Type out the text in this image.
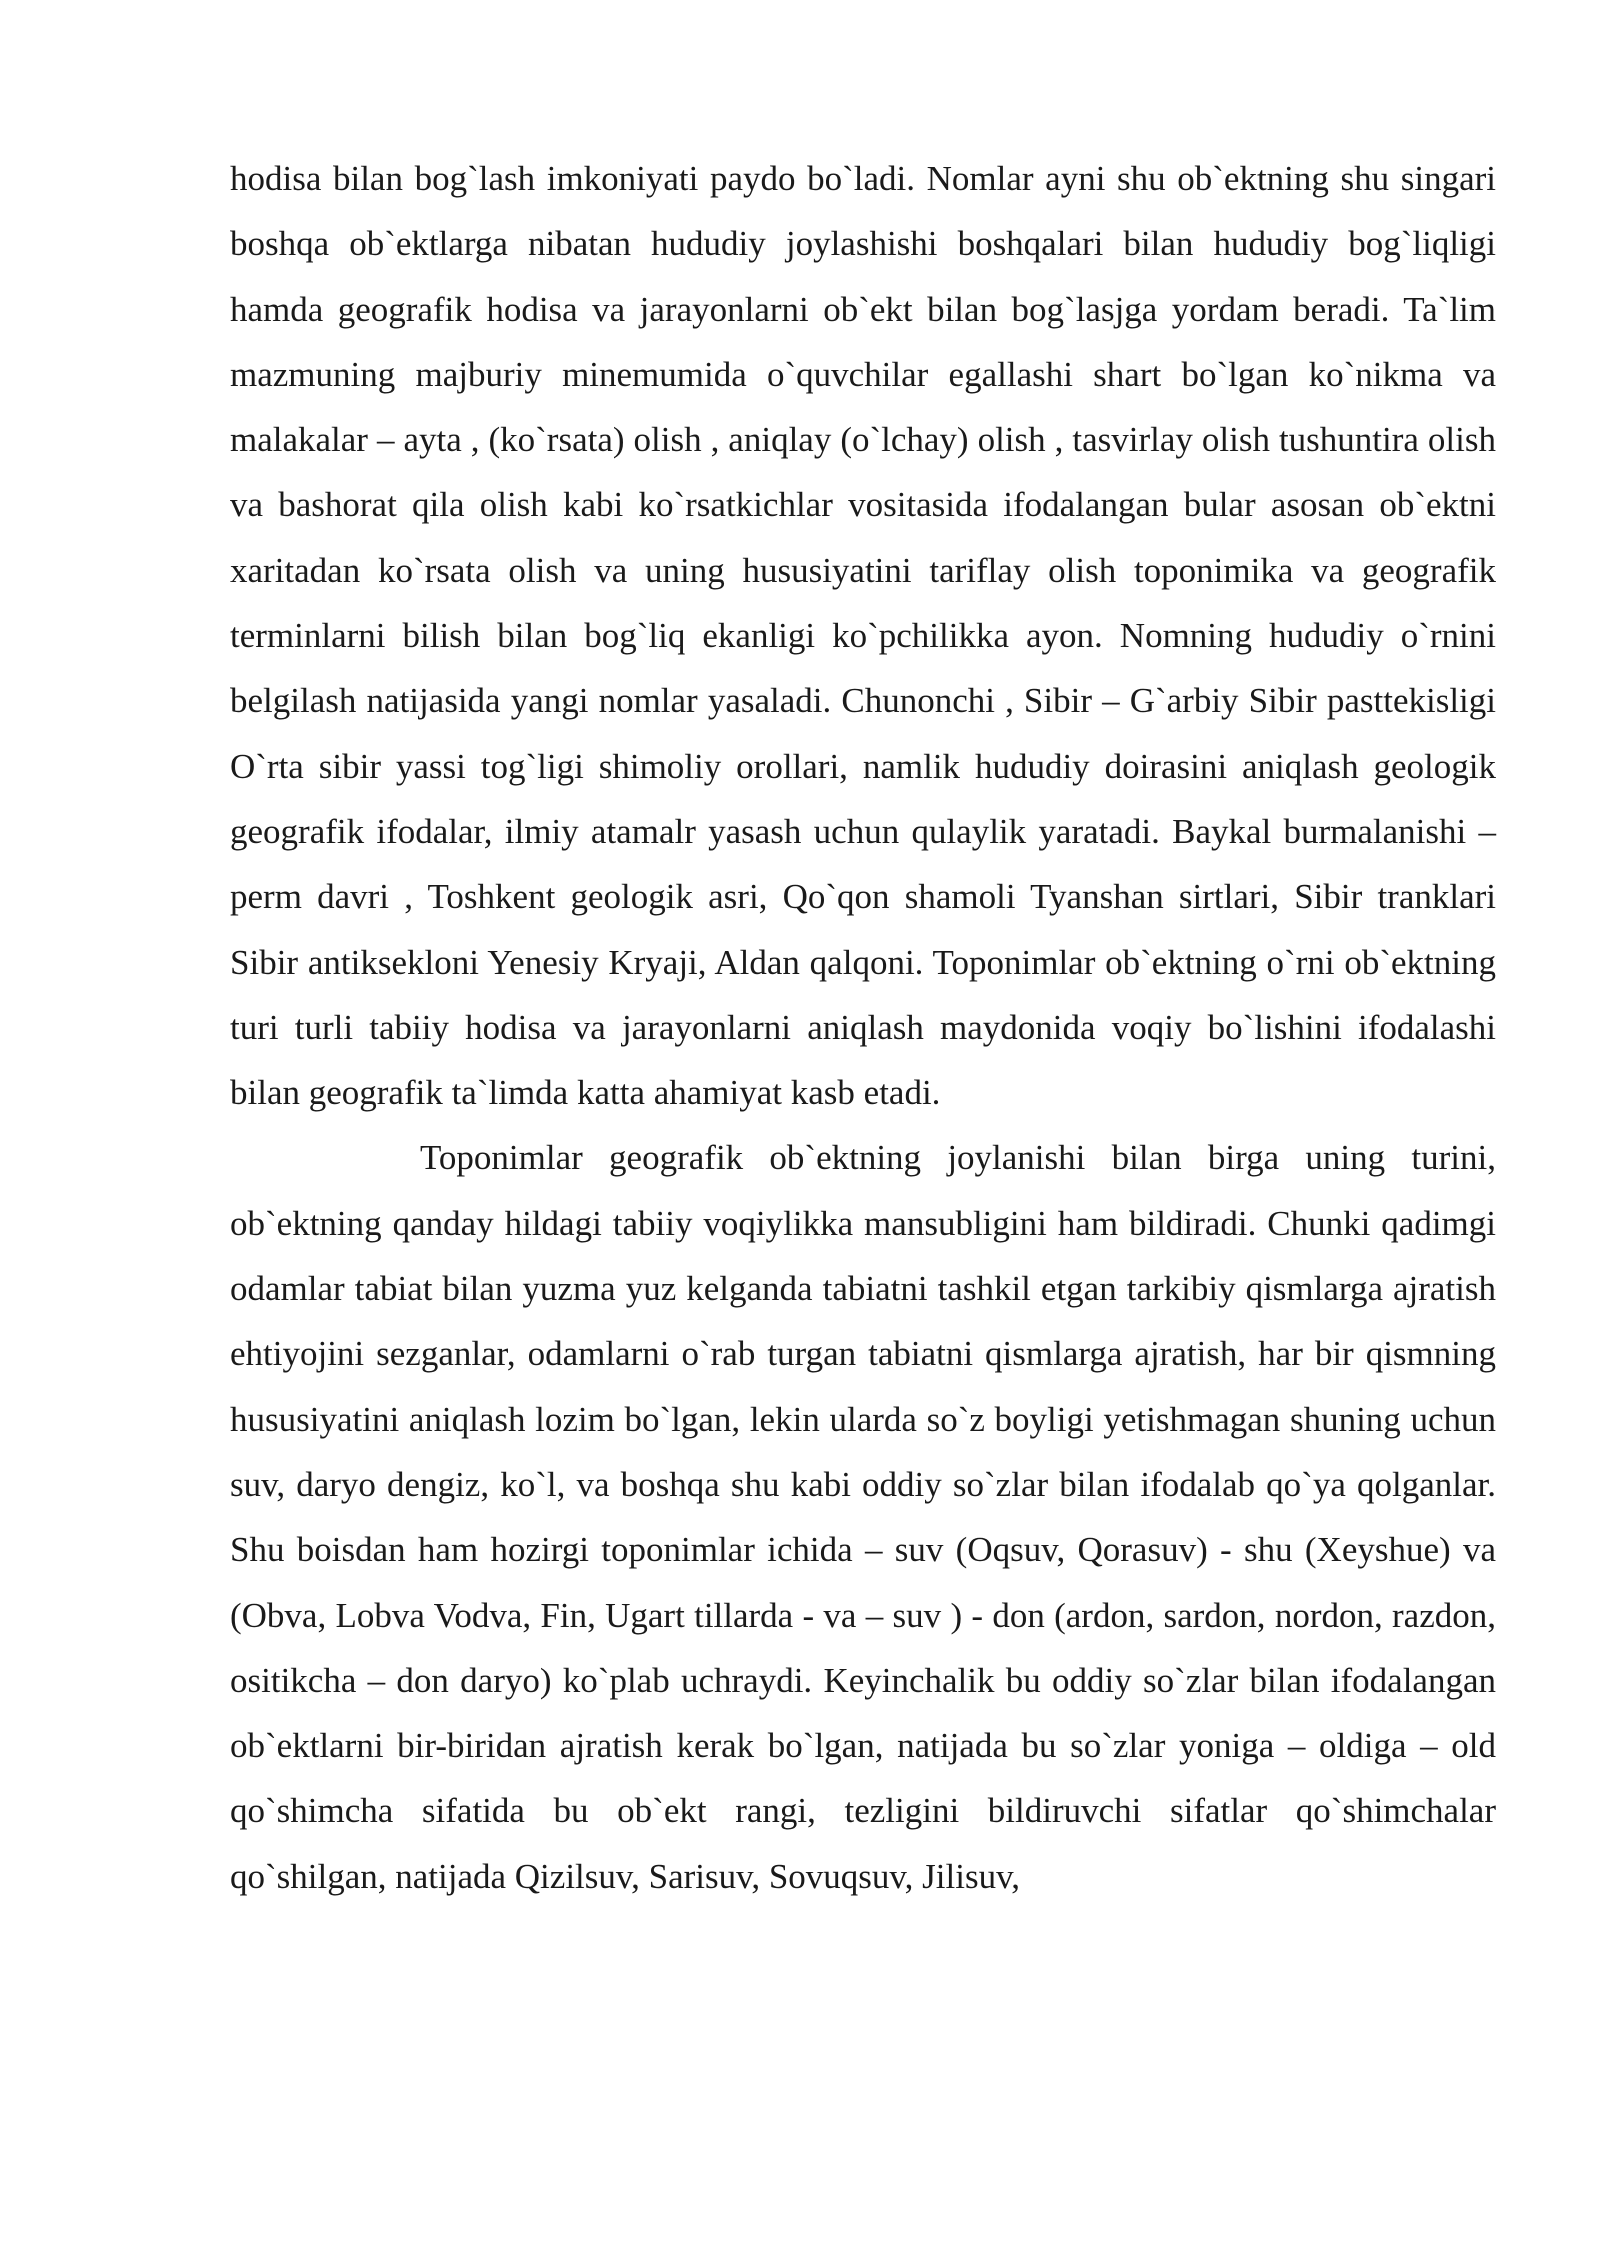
hodisa bilan bog`lash imkoniyati paydo bo`ladi. Nomlar ayni shu ob`ektning shu singari boshqa ob`ektlarga nibatan hududiy joylashishi boshqalari bilan hududiy bog`liqligi hamda geografik hodisa va jarayonlarni ob`ekt bilan bog`lasjga yordam beradi. Ta`lim mazmuning majburiy minemumida o`quvchilar egallashi shart bo`lgan ko`nikma va malakalar – ayta , (ko`rsata) olish , aniqlay (o`lchay) olish , tasvirlay olish tushuntira olish va bashorat qila olish kabi ko`rsatkichlar vositasida ifodalangan bular asosan ob`ektni xaritadan ko`rsata olish va uning hususiyatini tariflay olish toponimika va geografik terminlarni bilish bilan bog`liq ekanligi ko`pchilikka ayon. Nomning hududiy o`rnini belgilash natijasida yangi nomlar yasaladi. Chunonchi , Sibir – G`arbiy Sibir pasttekisligi O`rta sibir yassi tog`ligi shimoliy orollari, namlik hududiy doirasini aniqlash geologik geografik ifodalar, ilmiy atamalr yasash uchun qulaylik yaratadi. Baykal burmalanishi – perm davri , Toshkent geologik asri, Qo`qon shamoli Tyanshan sirtlari, Sibir tranklari Sibir antiksekloni Yenesiy Kryaji, Aldan qalqoni. Toponimlar ob`ektning o`rni ob`ektning turi turli tabiiy hodisa va jarayonlarni aniqlash maydonida voqiy bo`lishini ifodalashi bilan geografik ta`limda katta ahamiyat kasb etadi.

Toponimlar geografik ob`ektning joylanishi bilan birga uning turini, ob`ektning qanday hildagi tabiiy voqiylikka mansubligini ham bildiradi. Chunki qadimgi odamlar tabiat bilan yuzma yuz kelganda tabiatni tashkil etgan tarkibiy qismlarga ajratish ehtiyojini sezganlar, odamlarni o`rab turgan tabiatni qismlarga ajratish, har bir qismning hususiyatini aniqlash lozim bo`lgan, lekin ularda so`z boyligi yetishmagan shuning uchun suv, daryo dengiz, ko`l, va boshqa shu kabi oddiy so`zlar bilan ifodalab qo`ya qolganlar. Shu boisdan ham hozirgi toponimlar ichida – suv (Oqsuv, Qorasuv) - shu (Xeyshue) va (Obva, Lobva Vodva, Fin, Ugart tillarda - va – suv ) - don (ardon, sardon, nordon, razdon, ositikcha – don daryo) ko`plab uchraydi. Keyinchalik bu oddiy so`zlar bilan ifodalangan ob`ektlarni bir-biridan ajratish kerak bo`lgan, natijada bu so`zlar yoniga – oldiga – old qo`shimcha sifatida bu ob`ekt rangi, tezligini bildiruvchi sifatlar qo`shimchalar qo`shilgan, natijada Qizilsuv, Sarisuv, Sovuqsuv, Jilisuv,
